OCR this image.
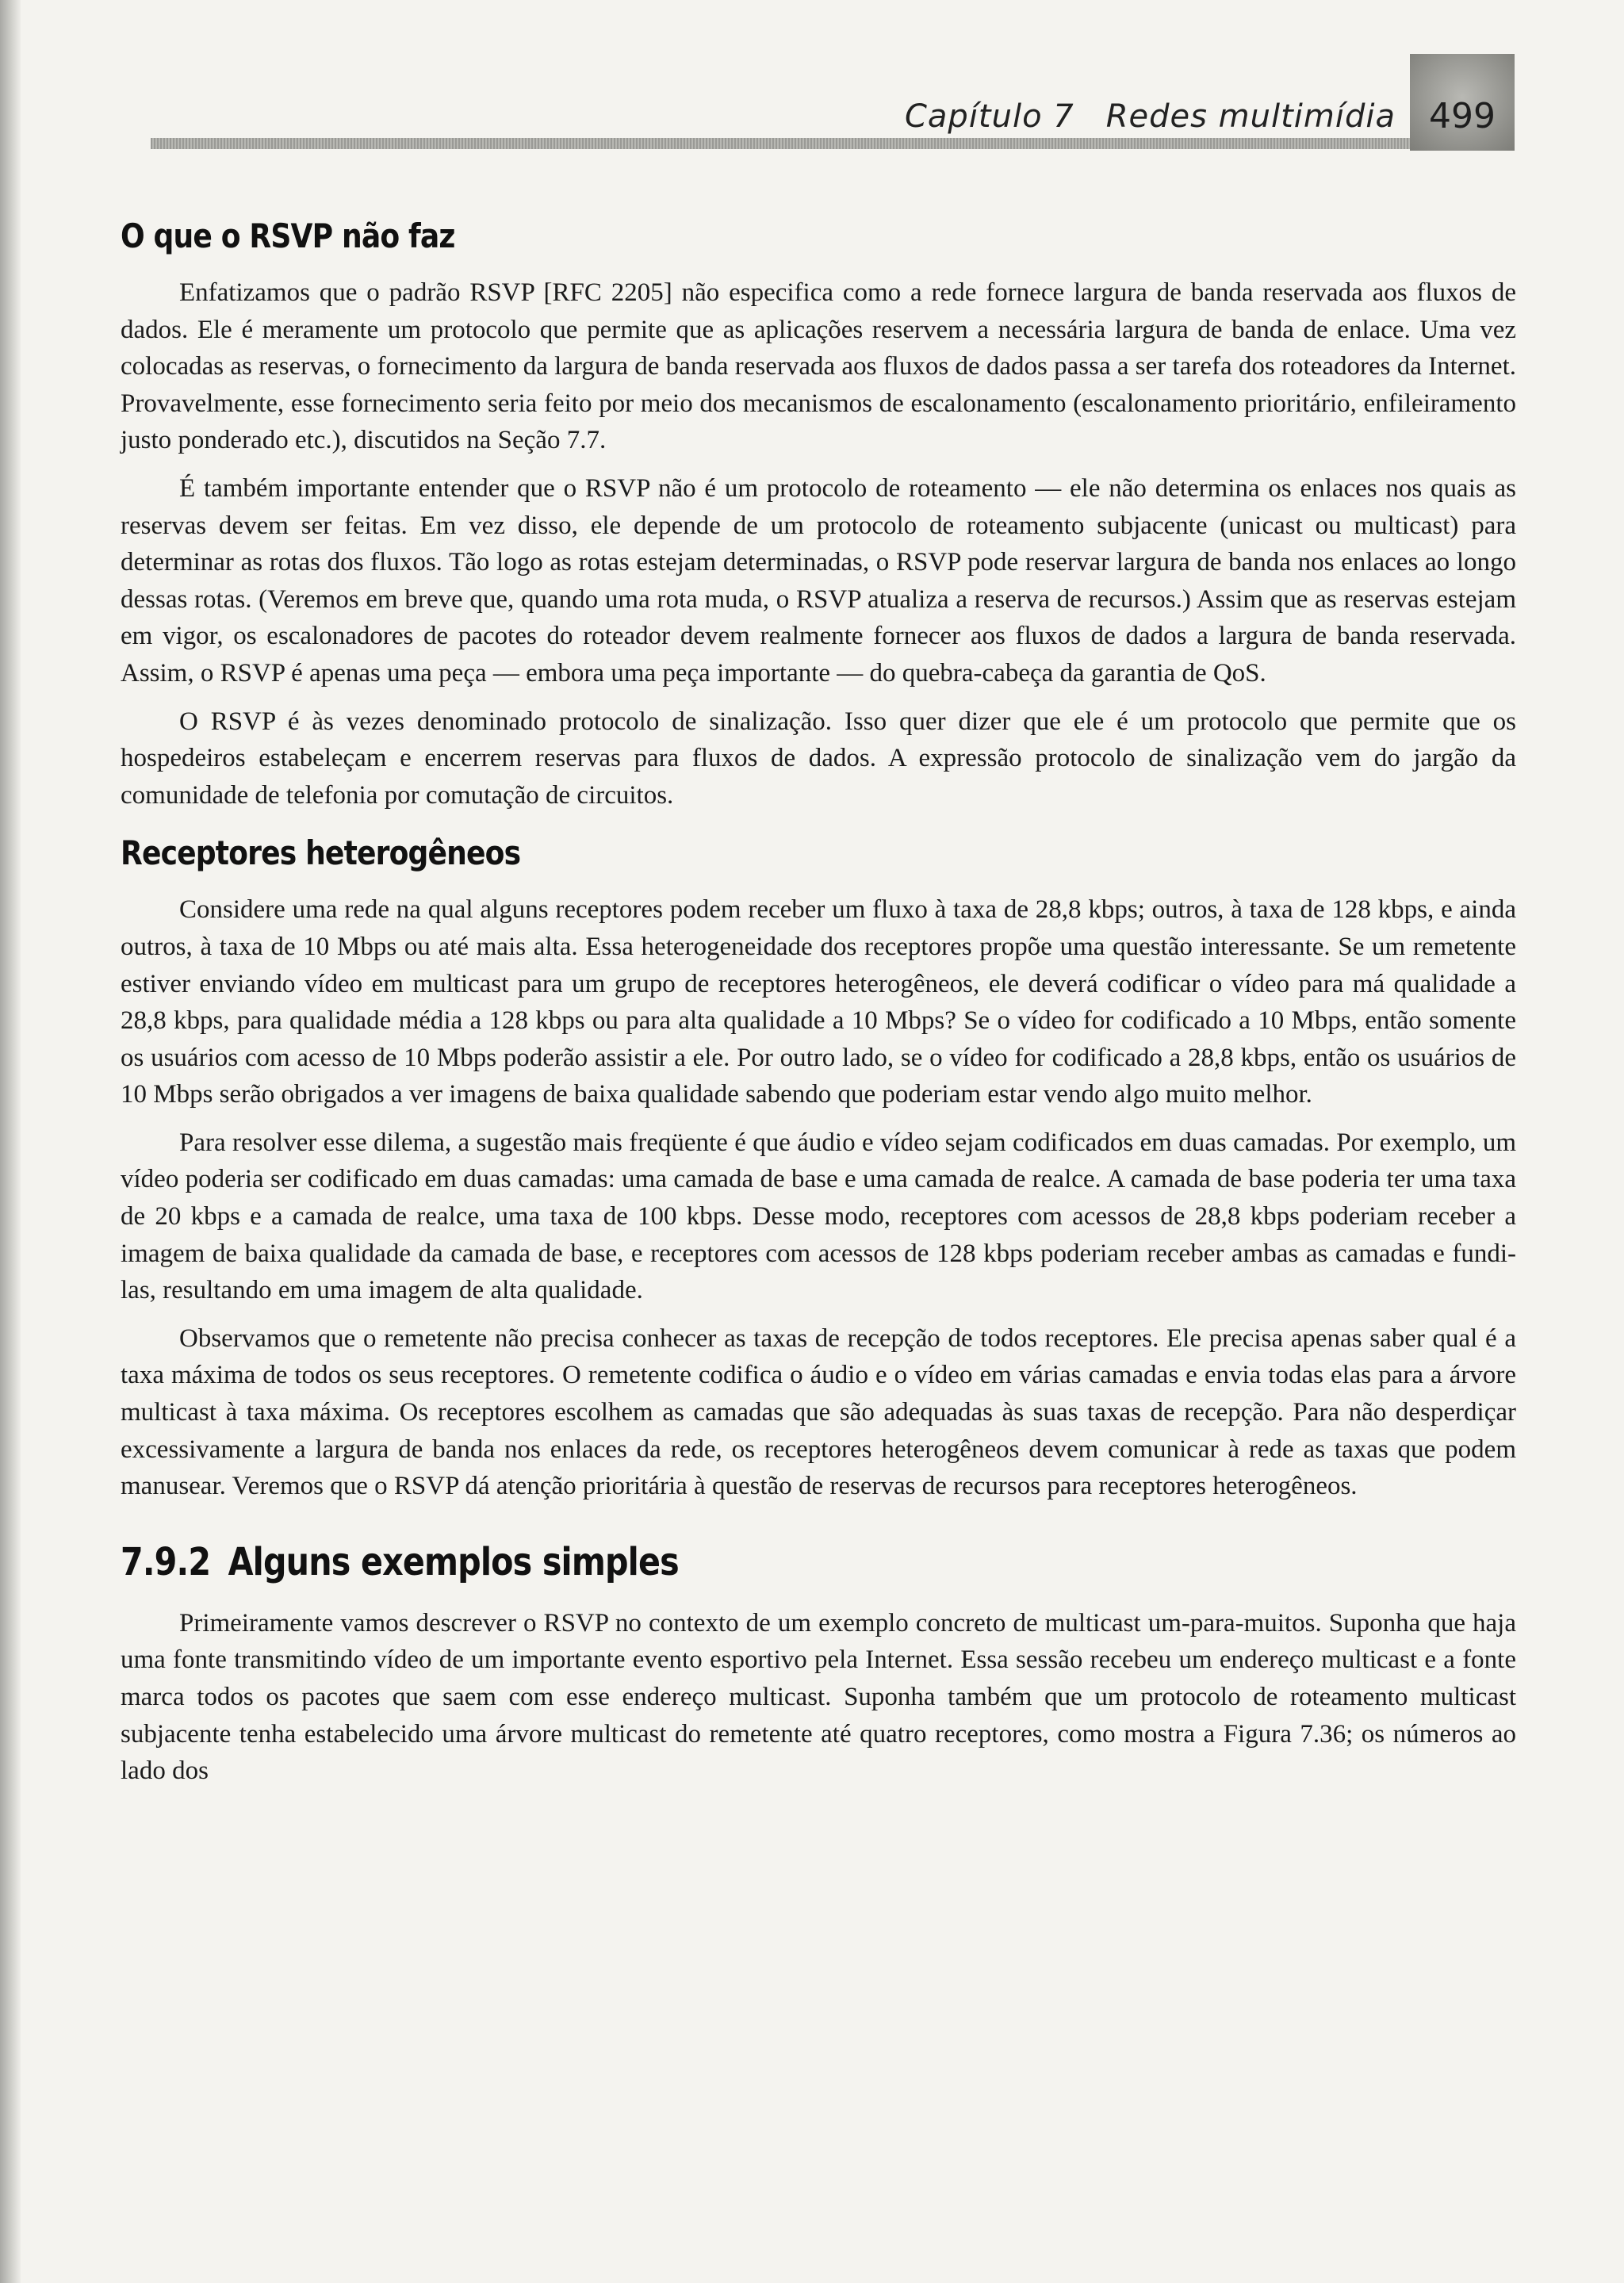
Capítulo 7 Redes multimídia 499
O que o RSVP não faz

Enfatizamos que o padrão RSVP [RFC 2205] não especifica como a rede fornece largura de banda reservada aos fluxos de dados. Ele é meramente um protocolo que permite que as aplicações reservem a necessária largura de banda de enlace. Uma vez colocadas as reservas, o fornecimento da largura de banda reservada aos fluxos de dados passa a ser tarefa dos roteadores da Internet. Provavelmente, esse fornecimento seria feito por meio dos mecanismos de escalonamento (escalonamento prioritário, enfileiramento justo ponderado etc.), discutidos na Seção 7.7.

É também importante entender que o RSVP não é um protocolo de roteamento — ele não determina os enlaces nos quais as reservas devem ser feitas. Em vez disso, ele depende de um protocolo de roteamento subjacente (unicast ou multicast) para determinar as rotas dos fluxos. Tão logo as rotas estejam determinadas, o RSVP pode reservar largura de banda nos enlaces ao longo dessas rotas. (Veremos em breve que, quando uma rota muda, o RSVP atualiza a reserva de recursos.) Assim que as reservas estejam em vigor, os escalonadores de pacotes do roteador devem realmente fornecer aos fluxos de dados a largura de banda reservada. Assim, o RSVP é apenas uma peça — embora uma peça importante — do quebra-cabeça da garantia de QoS.

O RSVP é às vezes denominado protocolo de sinalização. Isso quer dizer que ele é um protocolo que permite que os hospedeiros estabeleçam e encerrem reservas para fluxos de dados. A expressão protocolo de sinalização vem do jargão da comunidade de telefonia por comutação de circuitos.

Receptores heterogêneos

Considere uma rede na qual alguns receptores podem receber um fluxo à taxa de 28,8 kbps; outros, à taxa de 128 kbps, e ainda outros, à taxa de 10 Mbps ou até mais alta. Essa heterogeneidade dos receptores propõe uma questão interessante. Se um remetente estiver enviando vídeo em multicast para um grupo de receptores heterogêneos, ele deverá codificar o vídeo para má qualidade a 28,8 kbps, para qualidade média a 128 kbps ou para alta qualidade a 10 Mbps? Se o vídeo for codificado a 10 Mbps, então somente os usuários com acesso de 10 Mbps poderão assistir a ele. Por outro lado, se o vídeo for codificado a 28,8 kbps, então os usuários de 10 Mbps serão obrigados a ver imagens de baixa qualidade sabendo que poderiam estar vendo algo muito melhor.

Para resolver esse dilema, a sugestão mais freqüente é que áudio e vídeo sejam codificados em duas camadas. Por exemplo, um vídeo poderia ser codificado em duas camadas: uma camada de base e uma camada de realce. A camada de base poderia ter uma taxa de 20 kbps e a camada de realce, uma taxa de 100 kbps. Desse modo, receptores com acessos de 28,8 kbps poderiam receber a imagem de baixa qualidade da camada de base, e receptores com acessos de 128 kbps poderiam receber ambas as camadas e fundi-las, resultando em uma imagem de alta qualidade.

Observamos que o remetente não precisa conhecer as taxas de recepção de todos receptores. Ele precisa apenas saber qual é a taxa máxima de todos os seus receptores. O remetente codifica o áudio e o vídeo em várias camadas e envia todas elas para a árvore multicast à taxa máxima. Os receptores escolhem as camadas que são adequadas às suas taxas de recepção. Para não desperdiçar excessivamente a largura de banda nos enlaces da rede, os receptores heterogêneos devem comunicar à rede as taxas que podem manusear. Veremos que o RSVP dá atenção prioritária à questão de reservas de recursos para receptores heterogêneos.

7.9.2 Alguns exemplos simples

Primeiramente vamos descrever o RSVP no contexto de um exemplo concreto de multicast um-para-muitos. Suponha que haja uma fonte transmitindo vídeo de um importante evento esportivo pela Internet. Essa sessão recebeu um endereço multicast e a fonte marca todos os pacotes que saem com esse endereço multicast. Suponha também que um protocolo de roteamento multicast subjacente tenha estabelecido uma árvore multicast do remetente até quatro receptores, como mostra a Figura 7.36; os números ao lado dos
